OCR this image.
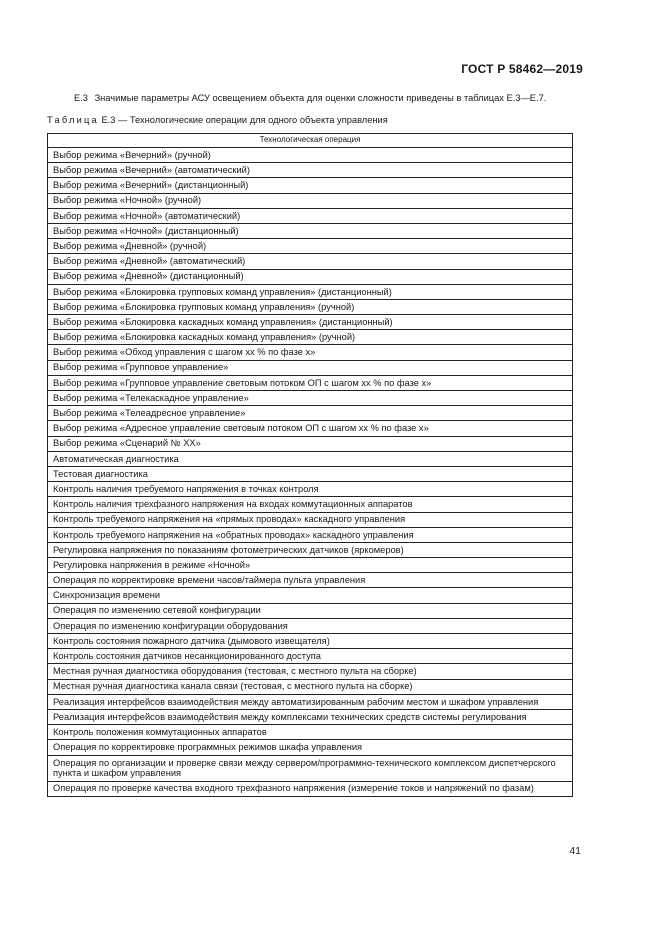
ГОСТ Р 58462—2019
Е.3 Значимые параметры АСУ освещением объекта для оценки сложности приведены в таблицах Е.3—Е.7.
Таблица Е.3 — Технологические операции для одного объекта управления
Технологическая операция
Выбор режима «Вечерний» (ручной)
Выбор режима «Вечерний» (автоматический)
Выбор режима «Вечерний» (дистанционный)
Выбор режима «Ночной» (ручной)
Выбор режима «Ночной» (автоматический)
Выбор режима «Ночной» (дистанционный)
Выбор режима «Дневной» (ручной)
Выбор режима «Дневной» (автоматический)
Выбор режима «Дневной» (дистанционный)
Выбор режима «Блокировка групповых команд управления» (дистанционный)
Выбор режима «Блокировка групповых команд управления» (ручной)
Выбор режима «Блокировка каскадных команд управления» (дистанционный)
Выбор режима «Блокировка каскадных команд управления» (ручной)
Выбор режима «Обход управления с шагом хх % по фазе х»
Выбор режима «Групповое управление»
Выбор режима «Групповое управление световым потоком ОП с шагом хх % по фазе х»
Выбор режима «Телекаскадное управление»
Выбор режима «Телеадресное управление»
Выбор режима «Адресное управление световым потоком ОП с шагом хх % по фазе х»
Выбор режима «Сценарий № ХХ»
Автоматическая диагностика
Тестовая диагностика
Контроль наличия требуемого напряжения в точках контроля
Контроль наличия трехфазного напряжения на входах коммутационных аппаратов
Контроль требуемого напряжения на «прямых проводах» каскадного управления
Контроль требуемого напряжения на «обратных проводах» каскадного управления
Регулировка напряжения по показаниям фотометрических датчиков (яркомеров)
Регулировка напряжения в режиме «Ночной»
Операция по корректировке времени часов/таймера пульта управления
Синхронизация времени
Операция по изменению сетевой конфигурации
Операция по изменению конфигурации оборудования
Контроль состояния пожарного датчика (дымового извещателя)
Контроль состояния датчиков несанкционированного доступа
Местная ручная диагностика оборудования (тестовая, с местного пульта на сборке)
Местная ручная диагностика канала связи (тестовая, с местного пульта на сборке)
Реализация интерфейсов взаимодействия между автоматизированным рабочим местом и шкафом управления
Реализация интерфейсов взаимодействия между комплексами технических средств системы регулирования
Контроль положения коммутационных аппаратов
Операция по корректировке программных режимов шкафа управления
Операция по организации и проверке связи между сервером/программно-технического комплексом диспетчерского пункта и шкафом управления
Операция по проверке качества входного трехфазного напряжения (измерение токов и напряжений по фазам)
41
